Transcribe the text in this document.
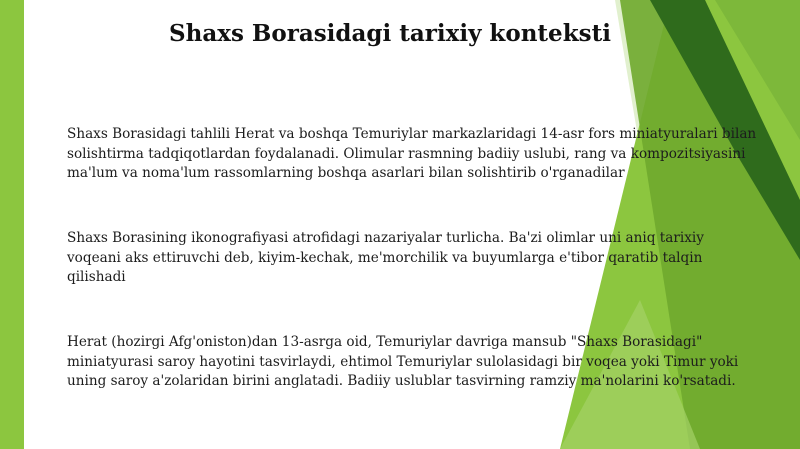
Shaxs Borasidagi tarixiy konteksti
Shaxs Borasidagi tahlili Herat va boshqa Temuriylar markazlaridagi 14-asr fors miniatyuralari bilan solishtirma tadqiqotlardan foydalanadi. Olimular rasmning badiiy uslubi, rang va kompozitsiyasini ma'lum va noma'lum rassomlarning boshqa asarlari bilan solishtirib o'rganadilar
Shaxs Borasining ikonografiyasi atrofidagi nazariyalar turlicha. Ba'zi olimlar uni aniq tarixiy voqeani aks ettiruvchi deb, kiyim-kechak, me'morchilik va buyumlarga e'tibor qaratib talqin qilishadi
Herat (hozirgi Afg'oniston)dan 13-asrga oid, Temuriylar davriga mansub "Shaxs Borasidagi" miniatyurasi saroy hayotini tasvirlaydi, ehtimol Temuriylar sulolasidagi bir voqea yoki Timur yoki uning saroy a'zolaridan birini anglatadi. Badiiy uslublar tasvirning ramziy ma'nolarini ko'rsatadi.
